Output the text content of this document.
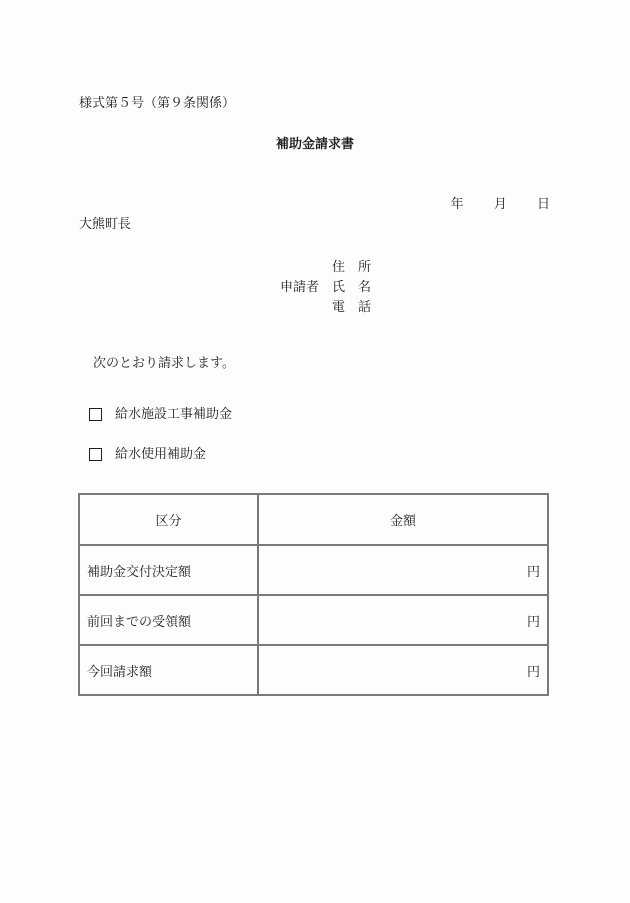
様式第５号（第９条関係）
補助金請求書
年 月 日
大熊町長
住　所
申請者 氏　名
電　話
次のとおり請求します。
給水施設工事補助金
給水使用補助金
区分	金額
補助金交付決定額	円
前回までの受領額	円
今回請求額	円
